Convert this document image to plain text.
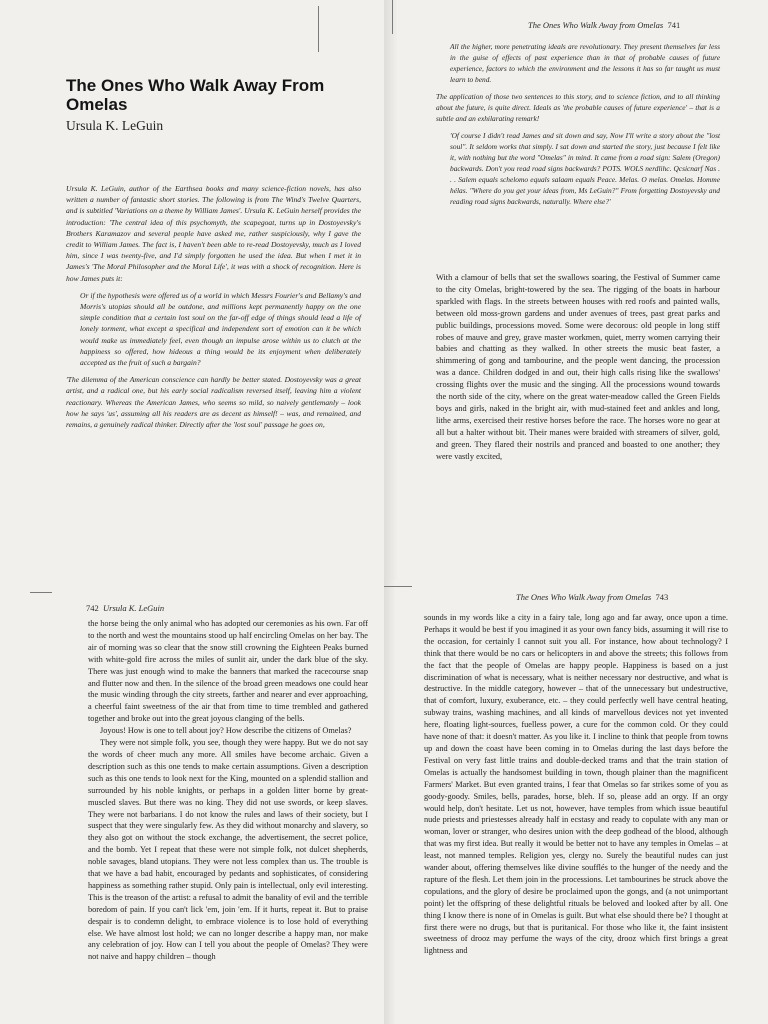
The Ones Who Walk Away From Omelas
Ursula K. LeGuin

Ursula K. LeGuin, author of the Earthsea books and many science-fiction novels, has also written a number of fantastic short stories. The following is from The Wind's Twelve Quarters, and is subtitled 'Variations on a theme by William James'. Ursula K. LeGuin herself provides the introduction: 'The central idea of this psychomyth, the scapegoat, turns up in Dostoyevsky's Brothers Karamazov and several people have asked me, rather suspiciously, why I gave the credit to William James. The fact is, I haven't been able to re-read Dostoyevsky, much as I loved him, since I was twenty-five, and I'd simply forgotten he used the idea. But when I met it in James's 'The Moral Philosopher and the Moral Life', it was with a shock of recognition. Here is how James puts it:

Or if the hypothesis were offered us of a world in which Messrs Fourier's and Bellamy's and Morris's utopias should all be outdone, and millions kept permanently happy on the one simple condition that a certain lost soul on the far-off edge of things should lead a life of lonely torment, what except a specifical and independent sort of emotion can it be which would make us immediately feel, even though an impulse arose within us to clutch at the happiness so offered, how hideous a thing would be its enjoyment when deliberately accepted as the fruit of such a bargain?

'The dilemma of the American conscience can hardly be better stated. Dostoyevsky was a great artist, and a radical one, but his early social radicalism reversed itself, leaving him a violent reactionary. Whereas the American James, who seems so mild, so naively gentlemanly – look how he says 'us', assuming all his readers are as decent as himself! – was, and remained, and remains, a genuinely radical thinker. Directly after the 'lost soul' passage he goes on,

The Ones Who Walk Away from Omelas 741

All the higher, more penetrating ideals are revolutionary. They present themselves far less in the guise of effects of past experience than in that of probable causes of future experience, factors to which the environment and the lessons it has so far taught us must learn to bend.

The application of those two sentences to this story, and to science fiction, and to all thinking about the future, is quite direct. Ideals as 'the probable causes of future experience' – that is a subtle and an exhilarating remark!

'Of course I didn't read James and sit down and say, Now I'll write a story about the "lost soul". It seldom works that simply. I sat down and started the story, just because I felt like it, with nothing but the word "Omelas" in mind. It came from a road sign: Salem (Oregon) backwards. Don't you read road signs backwards? POTS. WOLS nerdlihc. Qcsicnarf Nas . . . Salem equals schelomo equals salaam equals Peace. Melas. O melas. Omelas. Homme hélas. "Where do you get your ideas from, Ms LeGuin?" From forgetting Dostoyevsky and reading road signs backwards, naturally. Where else?'

With a clamour of bells that set the swallows soaring, the Festival of Summer came to the city Omelas, bright-towered by the sea. The rigging of the boats in harbour sparkled with flags. In the streets between houses with red roofs and painted walls, between old moss-grown gardens and under avenues of trees, past great parks and public buildings, processions moved. Some were decorous: old people in long stiff robes of mauve and grey, grave master workmen, quiet, merry women carrying their babies and chatting as they walked. In other streets the music beat faster, a shimmering of gong and tambourine, and the people went dancing, the procession was a dance. Children dodged in and out, their high calls rising like the swallows' crossing flights over the music and the singing. All the processions wound towards the north side of the city, where on the great water-meadow called the Green Fields boys and girls, naked in the bright air, with mud-stained feet and ankles and long, lithe arms, exercised their restive horses before the race. The horses wore no gear at all but a halter without bit. Their manes were braided with streamers of silver, gold, and green. They flared their nostrils and pranced and boasted to one another; they were vastly excited,

742 Ursula K. LeGuin

the horse being the only animal who has adopted our ceremonies as his own. Far off to the north and west the mountains stood up half encircling Omelas on her bay. The air of morning was so clear that the snow still crowning the Eighteen Peaks burned with white-gold fire across the miles of sunlit air, under the dark blue of the sky. There was just enough wind to make the banners that marked the racecourse snap and flutter now and then. In the silence of the broad green meadows one could hear the music winding through the city streets, farther and nearer and ever approaching, a cheerful faint sweetness of the air that from time to time trembled and gathered together and broke out into the great joyous clanging of the bells.

Joyous! How is one to tell about joy? How describe the citizens of Omelas?

They were not simple folk, you see, though they were happy. But we do not say the words of cheer much any more. All smiles have become archaic. Given a description such as this one tends to make certain assumptions. Given a description such as this one tends to look next for the King, mounted on a splendid stallion and surrounded by his noble knights, or perhaps in a golden litter borne by great-muscled slaves. But there was no king. They did not use swords, or keep slaves. They were not barbarians. I do not know the rules and laws of their society, but I suspect that they were singularly few. As they did without monarchy and slavery, so they also got on without the stock exchange, the advertisement, the secret police, and the bomb. Yet I repeat that these were not simple folk, not dulcet shepherds, noble savages, bland utopians. They were not less complex than us. The trouble is that we have a bad habit, encouraged by pedants and sophisticates, of considering happiness as something rather stupid. Only pain is intellectual, only evil interesting. This is the treason of the artist: a refusal to admit the banality of evil and the terrible boredom of pain. If you can't lick 'em, join 'em. If it hurts, repeat it. But to praise despair is to condemn delight, to embrace violence is to lose hold of everything else. We have almost lost hold; we can no longer describe a happy man, nor make any celebration of joy. How can I tell you about the people of Omelas? They were not naive and happy children – though

The Ones Who Walk Away from Omelas 743

sounds in my words like a city in a fairy tale, long ago and far away, once upon a time. Perhaps it would be best if you imagined it as your own fancy bids, assuming it will rise to the occasion, for certainly I cannot suit you all. For instance, how about technology? I think that there would be no cars or helicopters in and above the streets; this follows from the fact that the people of Omelas are happy people. Happiness is based on a just discrimination of what is necessary, what is neither necessary nor destructive, and what is destructive. In the middle category, however – that of the unnecessary but undestructive, that of comfort, luxury, exuberance, etc. – they could perfectly well have central heating, subway trains, washing machines, and all kinds of marvellous devices not yet invented here, floating light-sources, fuelless power, a cure for the common cold. Or they could have none of that: it doesn't matter. As you like it. I incline to think that people from towns up and down the coast have been coming in to Omelas during the last days before the Festival on very fast little trains and double-decked trams and that the train station of Omelas is actually the handsomest building in town, though plainer than the magnificent Farmers' Market. But even granted trains, I fear that Omelas so far strikes some of you as goody-goody. Smiles, bells, parades, horse, bleh. If so, please add an orgy. If an orgy would help, don't hesitate. Let us not, however, have temples from which issue beautiful nude priests and priestesses already half in ecstasy and ready to copulate with any man or woman, lover or stranger, who desires union with the deep godhead of the blood, although that was my first idea. But really it would be better not to have any temples in Omelas – at least, not manned temples. Religion yes, clergy no. Surely the beautiful nudes can just wander about, offering themselves like divine soufflés to the hunger of the needy and the rapture of the flesh. Let them join in the processions. Let tambourines be struck above the copulations, and the glory of desire be proclaimed upon the gongs, and (a not unimportant point) let the offspring of these delightful rituals be beloved and looked after by all. One thing I know there is none of in Omelas is guilt. But what else should there be? I thought at first there were no drugs, but that is puritanical. For those who like it, the faint insistent sweetness of drooz may perfume the ways of the city, drooz which first brings a great lightness and
